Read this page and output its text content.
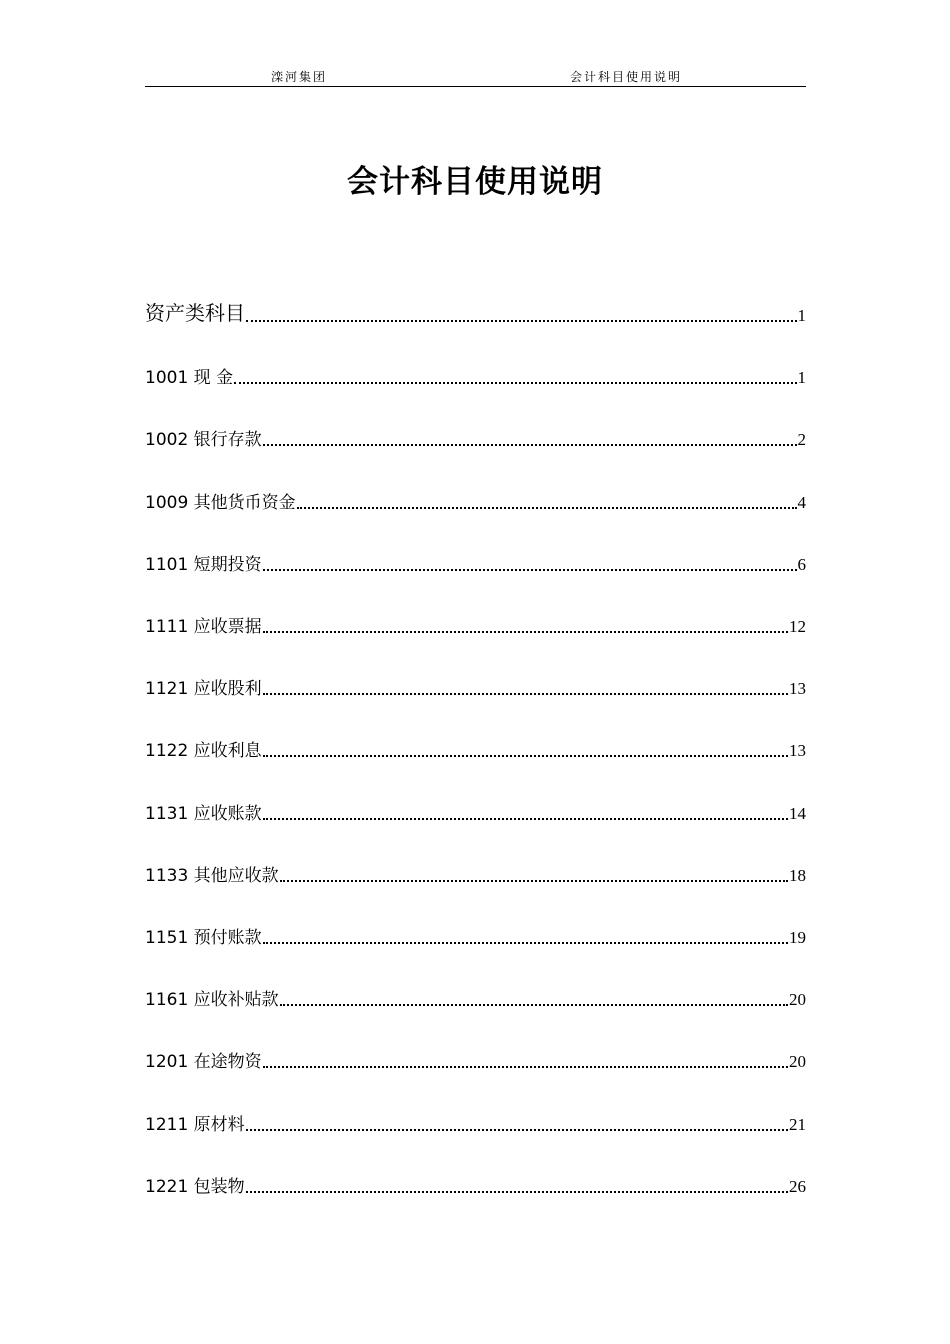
滦河集团	会计科目使用说明
会计科目使用说明
资产类科目	1
1001 现 金	1
1002 银行存款	2
1009 其他货币资金	4
1101 短期投资	6
1111 应收票据	12
1121 应收股利	13
1122 应收利息	13
1131 应收账款	14
1133 其他应收款	18
1151 预付账款	19
1161 应收补贴款	20
1201 在途物资	20
1211 原材料	21
1221 包装物	26
